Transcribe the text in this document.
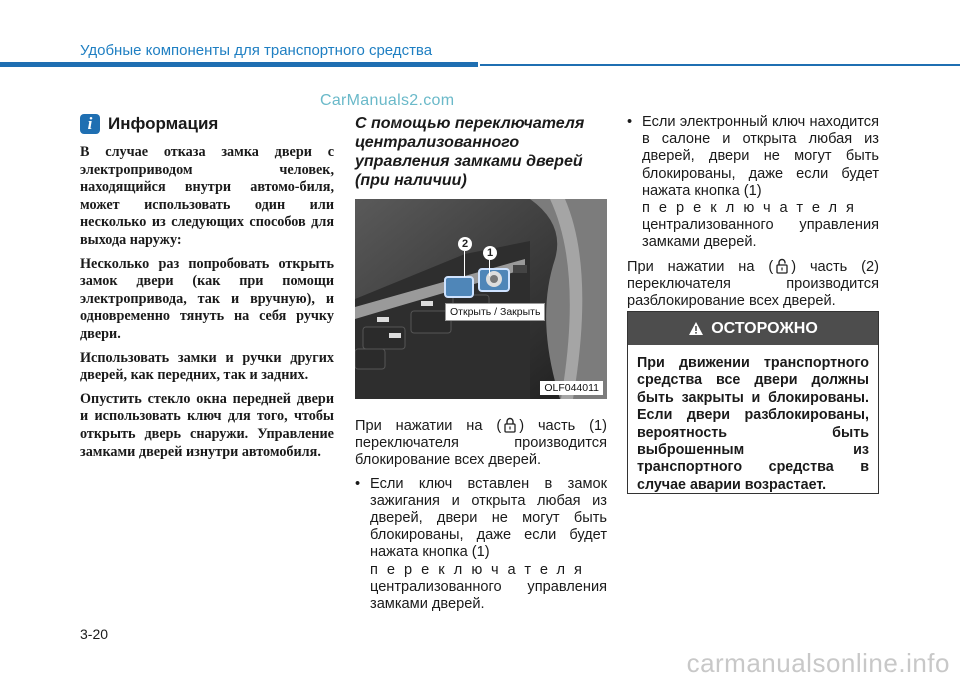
Удобные компоненты для транспортного средства
CarManuals2.com
i Информация

В случае отказа замка двери с электроприводом человек, находящийся внутри автомо-биля, может использовать один или несколько из следующих способов для выхода наружу:

Несколько раз попробовать открыть замок двери (как при помощи электропривода, так и вручную), и одновременно тянуть на себя ручку двери.

Использовать замки и ручки других дверей, как передних, так и задних.

Опустить стекло окна передней двери и использовать ключ для того, чтобы открыть дверь снаружи. Управление замками дверей изнутри автомобиля.

С помощью переключателя централизованного управления замками дверей (при наличии)
2
1
Открыть / Закрыть
OLF044011

При нажатии на ( ) часть (1) переключателя производится блокирование всех дверей.

• Если ключ вставлен в замок зажигания и открыта любая из дверей, двери не могут быть блокированы, даже если будет нажата кнопка (1)
переключателя
централизованного управления замками дверей.
• Если электронный ключ находится в салоне и открыта любая из дверей, двери не могут быть блокированы, даже если будет нажата кнопка (1)
переключателя
централизованного управления замками дверей.

При нажатии на ( ) часть (2) переключателя производится разблокирование всех дверей.

ОСТОРОЖНО
При движении транспортного средства все двери должны быть закрыты и блокированы. Если двери разблокированы, вероятность быть выброшенным из транспортного средства в случае аварии возрастает.
3-20
carmanualsonline.info
